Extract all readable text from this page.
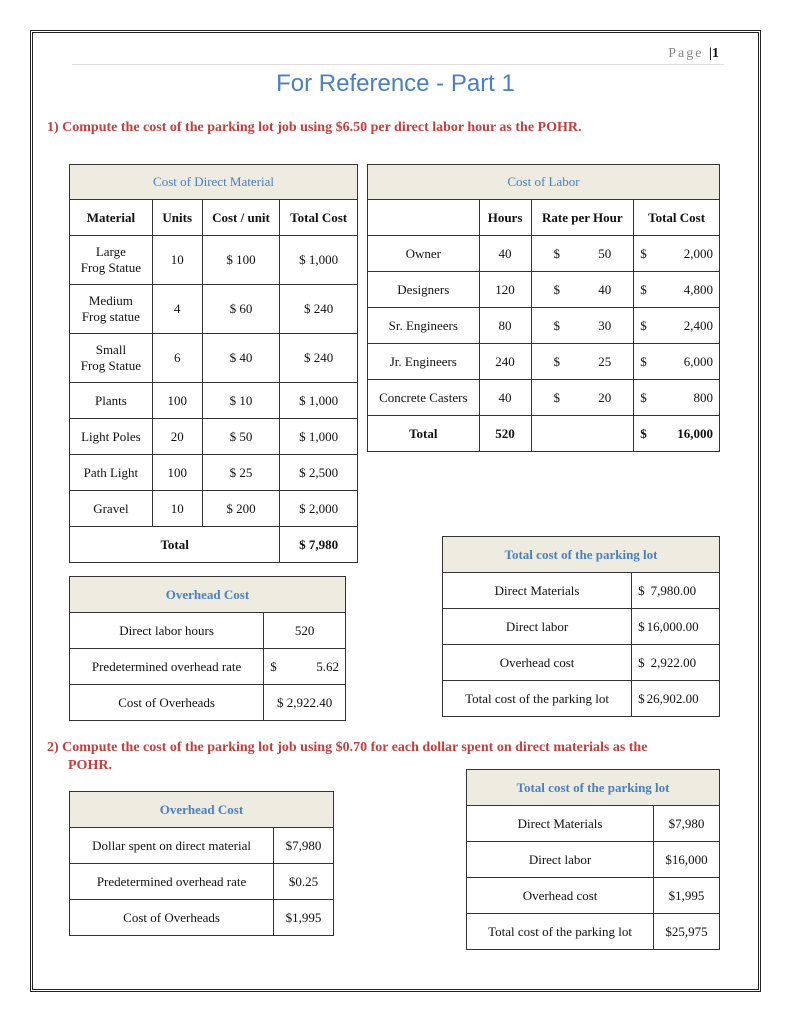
Page |1
For Reference - Part 1
1) Compute the cost of the parking lot job using $6.50 per direct labor hour as the POHR.
Cost of Direct Material			
Material	Units	Cost / unit	Total Cost
Large
Frog Statue	10	$ 100	$ 1,000
Medium
Frog statue	4	$ 60	$ 240
Small
Frog Statue	6	$ 40	$ 240
Plants	100	$ 10	$ 1,000
Light Poles	20	$ 50	$ 1,000
Path Light	100	$ 25	$ 2,500
Gravel	10	$ 200	$ 2,000
Total			$ 7,980
Cost of Labor			
	Hours	Rate per Hour	Total Cost
Owner	40	$ 50	$ 2,000

Designers	120	$ 40	$ 4,800

Sr. Engineers	80	$ 30	$ 2,400

Jr. Engineers	240	$ 25	$ 6,000

Concrete Casters	40	$ 20	$ 800

Total	520		$ 16,000
Overhead Cost	
Direct labor hours	520
Predetermined overhead rate	$ 5.62

Cost of Overheads	$ 2,922.40
Total cost of the parking lot	
Direct Materials	$ 7,980.00

Direct labor	$ 16,000.00

Overhead cost	$ 2,922.00

Total cost of the parking lot	$ 26,902.00
2) Compute the cost of the parking lot job using $0.70 for each dollar spent on direct materials as the
POHR.
Total cost of the parking lot	
Direct Materials	$7,980
Direct labor	$16,000
Overhead cost	$1,995
Total cost of the parking lot	$25,975
Overhead Cost	
Dollar spent on direct material	$7,980
Predetermined overhead rate	$0.25
Cost of Overheads	$1,995
